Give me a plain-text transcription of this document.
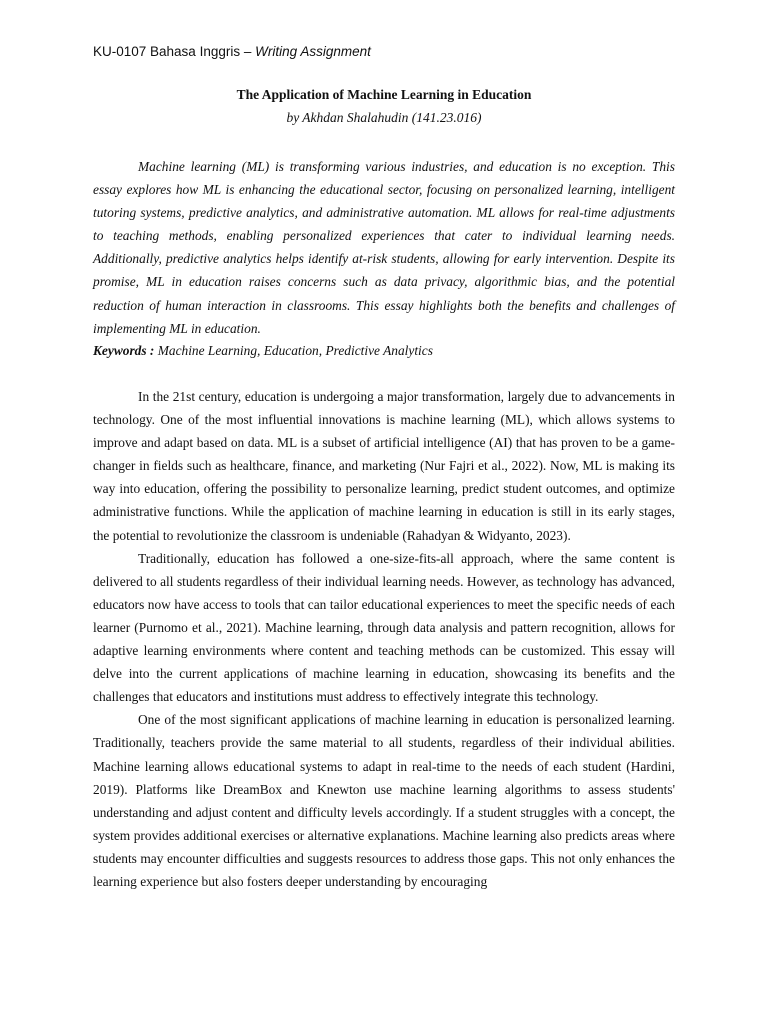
KU-0107 Bahasa Inggris – Writing Assignment
The Application of Machine Learning in Education
by Akhdan Shalahudin (141.23.016)

Machine learning (ML) is transforming various industries, and education is no exception. This essay explores how ML is enhancing the educational sector, focusing on personalized learning, intelligent tutoring systems, predictive analytics, and administrative automation. ML allows for real-time adjustments to teaching methods, enabling personalized experiences that cater to individual learning needs. Additionally, predictive analytics helps identify at-risk students, allowing for early intervention. Despite its promise, ML in education raises concerns such as data privacy, algorithmic bias, and the potential reduction of human interaction in classrooms. This essay highlights both the benefits and challenges of implementing ML in education.

Keywords : Machine Learning, Education, Predictive Analytics

In the 21st century, education is undergoing a major transformation, largely due to advancements in technology. One of the most influential innovations is machine learning (ML), which allows systems to improve and adapt based on data. ML is a subset of artificial intelligence (AI) that has proven to be a game-changer in fields such as healthcare, finance, and marketing (Nur Fajri et al., 2022). Now, ML is making its way into education, offering the possibility to personalize learning, predict student outcomes, and optimize administrative functions. While the application of machine learning in education is still in its early stages, the potential to revolutionize the classroom is undeniable (Rahadyan & Widyanto, 2023).

Traditionally, education has followed a one-size-fits-all approach, where the same content is delivered to all students regardless of their individual learning needs. However, as technology has advanced, educators now have access to tools that can tailor educational experiences to meet the specific needs of each learner (Purnomo et al., 2021). Machine learning, through data analysis and pattern recognition, allows for adaptive learning environments where content and teaching methods can be customized. This essay will delve into the current applications of machine learning in education, showcasing its benefits and the challenges that educators and institutions must address to effectively integrate this technology.

One of the most significant applications of machine learning in education is personalized learning. Traditionally, teachers provide the same material to all students, regardless of their individual abilities. Machine learning allows educational systems to adapt in real-time to the needs of each student (Hardini, 2019). Platforms like DreamBox and Knewton use machine learning algorithms to assess students' understanding and adjust content and difficulty levels accordingly. If a student struggles with a concept, the system provides additional exercises or alternative explanations. Machine learning also predicts areas where students may encounter difficulties and suggests resources to address those gaps. This not only enhances the learning experience but also fosters deeper understanding by encouraging
